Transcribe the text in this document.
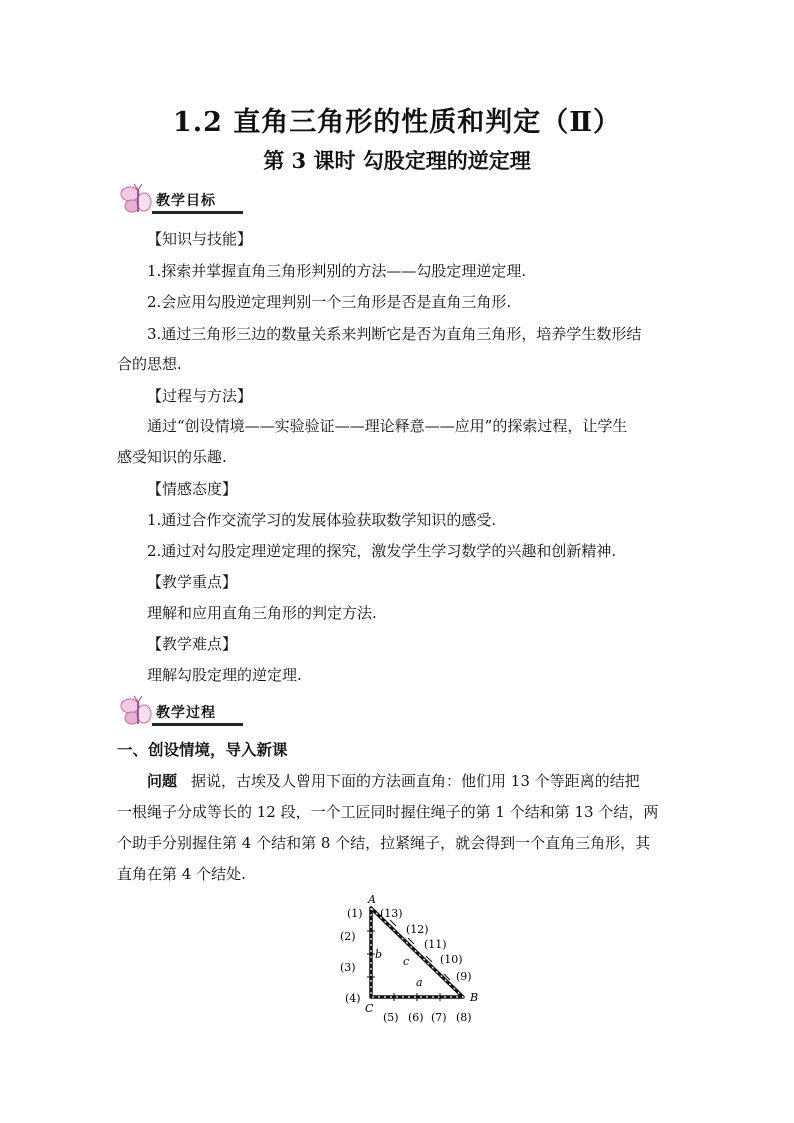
1.2 直角三角形的性质和判定（Ⅱ）
第 3 课时 勾股定理的逆定理
教学目标
【知识与技能】
1.探索并掌握直角三角形判别的方法——勾股定理逆定理.
2.会应用勾股逆定理判别一个三角形是否是直角三角形.
3.通过三角形三边的数量关系来判断它是否为直角三角形，培养学生数形结
合的思想.
【过程与方法】
通过“创设情境——实验验证——理论释意——应用”的探索过程，让学生
感受知识的乐趣.
【情感态度】
1.通过合作交流学习的发展体验获取数学知识的感受.
2.通过对勾股定理逆定理的探究，激发学生学习数学的兴趣和创新精神.
【教学重点】
理解和应用直角三角形的判定方法.
【教学难点】
理解勾股定理的逆定理.
教学过程
一、创设情境，导入新课
问题 据说，古埃及人曾用下面的方法画直角：他们用 13 个等距离的结把
一根绳子分成等长的 12 段，一个工匠同时握住绳子的第 1 个结和第 13 个结，两
个助手分别握住第 4 个结和第 8 个结，拉紧绳子，就会得到一个直角三角形，其
直角在第 4 个结处.
A
B
C
a
b
c
(1)
(2)
(3)
(4)
(5) (6) (7) (8)
(9)
(10)
(11)
(12)
(13)
